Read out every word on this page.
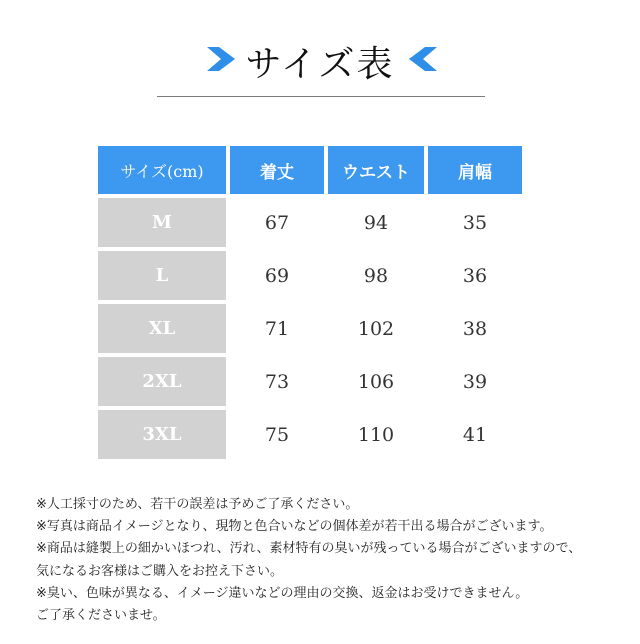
サイズ表
サイズ(cm)	着丈	ウエスト	肩幅
M	67	94	35
L	69	98	36
XL	71	102	38
2XL	73	106	39
3XL	75	110	41
※人工採寸のため、若干の誤差は予めご了承ください。
※写真は商品イメージとなり、現物と色合いなどの個体差が若干出る場合がございます。
※商品は縫製上の細かいほつれ、汚れ、素材特有の臭いが残っている場合がございますので、
気になるお客様はご購入をお控え下さい。
※臭い、色味が異なる、イメージ違いなどの理由の交換、返金はお受けできません。
ご了承くださいませ。
